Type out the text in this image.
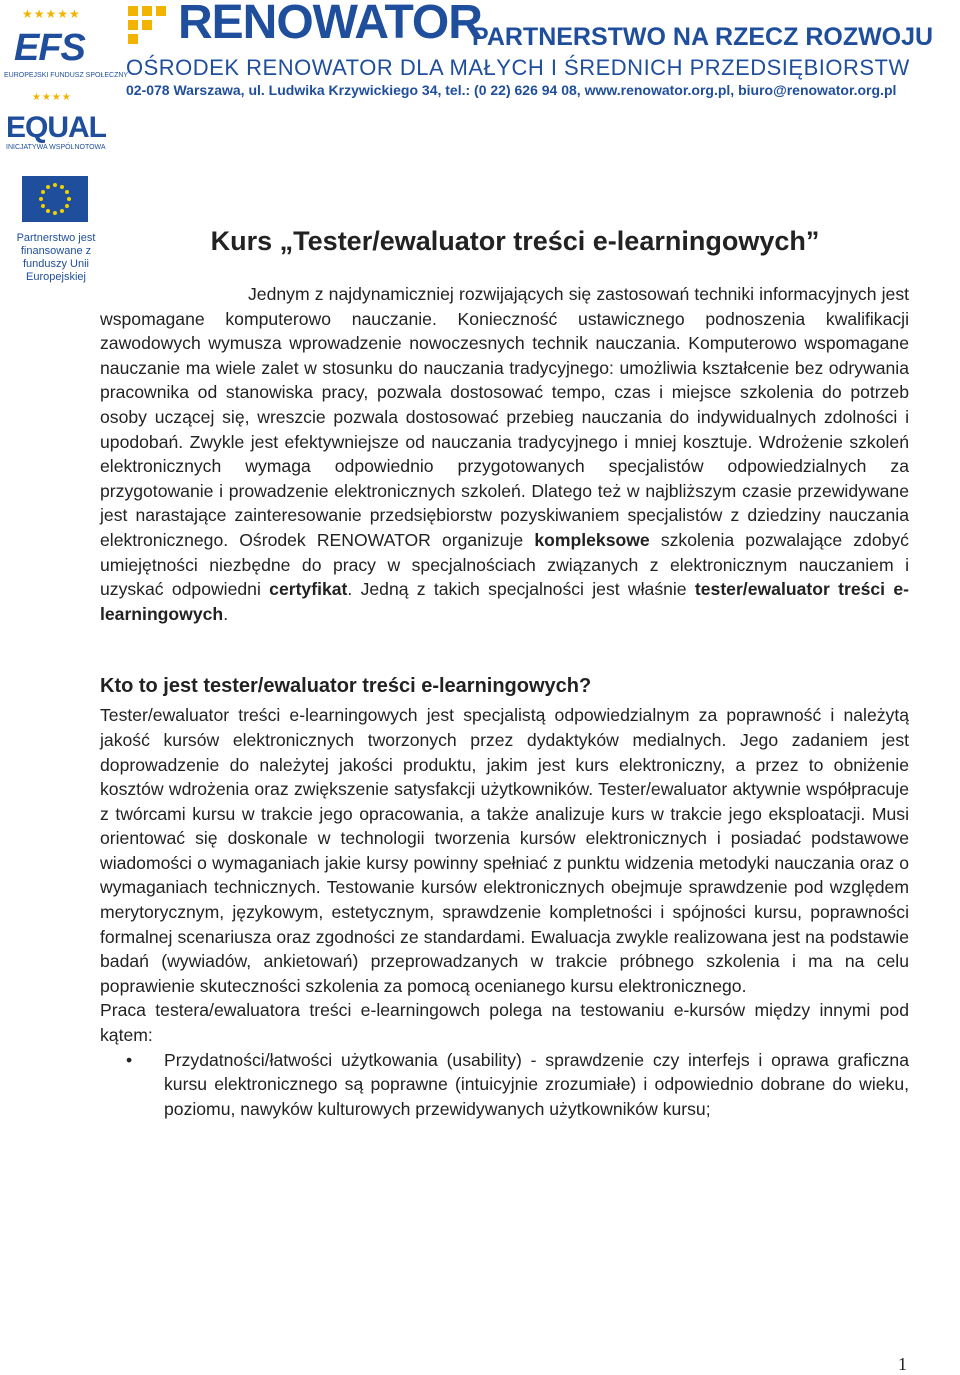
★★★★★
EFS
EUROPEJSKI FUNDUSZ SPOŁECZNY
★★★★
EQUAL
INICJATYWA WSPÓLNOTOWA
Partnerstwo jest finansowane z funduszy Unii Europejskiej
RENOWATOR
PARTNERSTWO NA RZECZ ROZWOJU
OŚRODEK RENOWATOR DLA MAŁYCH I ŚREDNICH PRZEDSIĘBIORSTW
02-078 Warszawa, ul. Ludwika Krzywickiego 34, tel.: (0 22) 626 94 08, www.renowator.org.pl, biuro@renowator.org.pl
Kurs „Tester/ewaluator treści e-learningowych”

Jednym z najdynamiczniej rozwijających się zastosowań techniki informacyjnych jest wspomagane komputerowo nauczanie. Konieczność ustawicznego podnoszenia kwalifikacji zawodowych wymusza wprowadzenie nowoczesnych technik nauczania. Komputerowo wspomagane nauczanie ma wiele zalet w stosunku do nauczania tradycyjnego: umożliwia kształcenie bez odrywania pracownika od stanowiska pracy, pozwala dostosować tempo, czas i miejsce szkolenia do potrzeb osoby uczącej się, wreszcie pozwala dostosować przebieg nauczania do indywidualnych zdolności i upodobań. Zwykle jest efektywniejsze od nauczania tradycyjnego i mniej kosztuje. Wdrożenie szkoleń elektronicznych wymaga odpowiednio przygotowanych specjalistów odpowiedzialnych za przygotowanie i prowadzenie elektronicznych szkoleń. Dlatego też w najbliższym czasie przewidywane jest narastające zainteresowanie przedsiębiorstw pozyskiwaniem specjalistów z dziedziny nauczania elektronicznego. Ośrodek RENOWATOR organizuje kompleksowe szkolenia pozwalające zdobyć umiejętności niezbędne do pracy w specjalnościach związanych z elektronicznym nauczaniem i uzyskać odpowiedni certyfikat. Jedną z takich specjalności jest właśnie tester/ewaluator treści e-learningowych.

Kto to jest tester/ewaluator treści e-learningowych?

Tester/ewaluator treści e-learningowych jest specjalistą odpowiedzialnym za poprawność i należytą jakość kursów elektronicznych tworzonych przez dydaktyków medialnych. Jego zadaniem jest doprowadzenie do należytej jakości produktu, jakim jest kurs elektroniczny, a przez to obniżenie kosztów wdrożenia oraz zwiększenie satysfakcji użytkowników. Tester/ewaluator aktywnie współpracuje z twórcami kursu w trakcie jego opracowania, a także analizuje kurs w trakcie jego eksploatacji. Musi orientować się doskonale w technologii tworzenia kursów elektronicznych i posiadać podstawowe wiadomości o wymaganiach jakie kursy powinny spełniać z punktu widzenia metodyki nauczania oraz o wymaganiach technicznych. Testowanie kursów elektronicznych obejmuje sprawdzenie pod względem merytorycznym, językowym, estetycznym, sprawdzenie kompletności i spójności kursu, poprawności formalnej scenariusza oraz zgodności ze standardami. Ewaluacja zwykle realizowana jest na podstawie badań (wywiadów, ankietowań) przeprowadzanych w trakcie próbnego szkolenia i ma na celu poprawienie skuteczności szkolenia za pomocą ocenianego kursu elektronicznego.

Praca testera/ewaluatora treści e-learningowch polega na testowaniu e-kursów między innymi pod kątem:

• Przydatności/łatwości użytkowania (usability) - sprawdzenie czy interfejs i oprawa graficzna kursu elektronicznego są poprawne (intuicyjnie zrozumiałe) i odpowiednio dobrane do wieku, poziomu, nawyków kulturowych przewidywanych użytkowników kursu;
1
